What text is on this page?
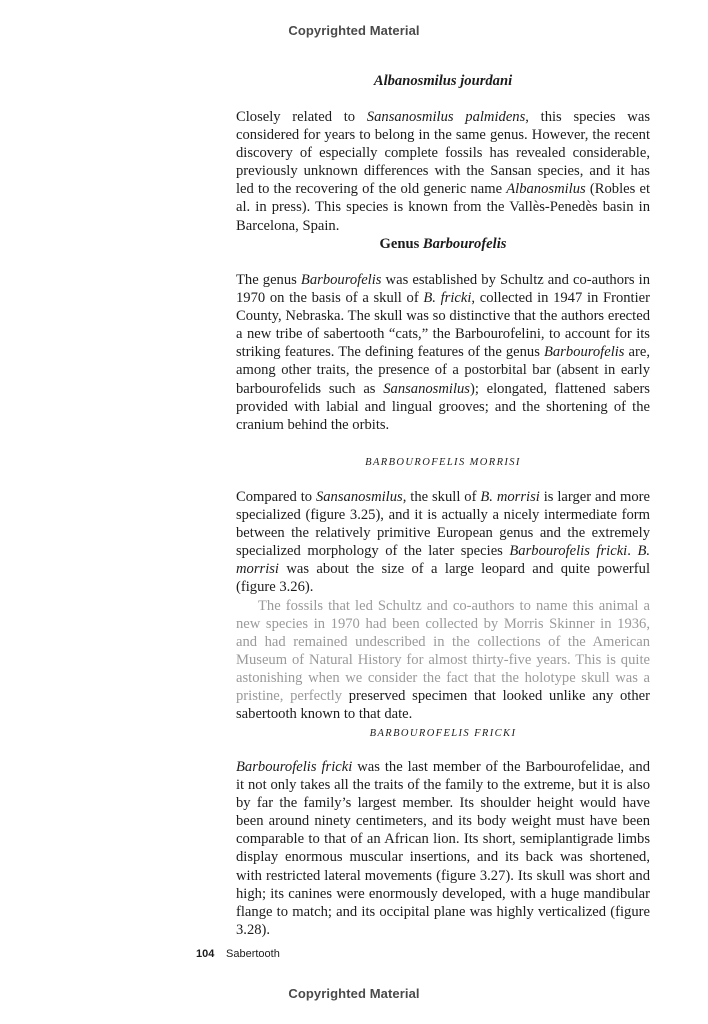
Copyrighted Material
Albanosmilus jourdani

Closely related to Sansanosmilus palmidens, this species was considered for years to belong in the same genus. However, the recent discovery of especially complete fossils has revealed considerable, previously unknown differences with the Sansan species, and it has led to the recovering of the old generic name Albanosmilus (Robles et al. in press). This species is known from the Vallès-Penedès basin in Barcelona, Spain.

Genus Barbourofelis

The genus Barbourofelis was established by Schultz and co-authors in 1970 on the basis of a skull of B. fricki, collected in 1947 in Frontier County, Nebraska. The skull was so distinctive that the authors erected a new tribe of sabertooth “cats,” the Barbourofelini, to account for its striking features. The defining features of the genus Barbourofelis are, among other traits, the presence of a postorbital bar (absent in early barbourofelids such as Sansanosmilus); elongated, flattened sabers provided with labial and lingual grooves; and the shortening of the cranium behind the orbits.

BARBOUROFELIS MORRISI

Compared to Sansanosmilus, the skull of B. morrisi is larger and more specialized (figure 3.25), and it is actually a nicely intermediate form between the relatively primitive European genus and the extremely specialized morphology of the later species Barbourofelis fricki. B. morrisi was about the size of a large leopard and quite powerful (figure 3.26).

The fossils that led Schultz and co-authors to name this animal a new species in 1970 had been collected by Morris Skinner in 1936, and had remained undescribed in the collections of the American Museum of Natural History for almost thirty-five years. This is quite astonishing when we consider the fact that the holotype skull was a pristine, perfectly preserved specimen that looked unlike any other sabertooth known to that date.

BARBOUROFELIS FRICKI

Barbourofelis fricki was the last member of the Barbourofelidae, and it not only takes all the traits of the family to the extreme, but it is also by far the family’s largest member. Its shoulder height would have been around ninety centimeters, and its body weight must have been comparable to that of an African lion. Its short, semiplantigrade limbs display enormous muscular insertions, and its back was shortened, with restricted lateral movements (figure 3.27). Its skull was short and high; its canines were enormously developed, with a huge mandibular flange to match; and its occipital plane was highly verticalized (figure 3.28).

104 Sabertooth
Copyrighted Material
